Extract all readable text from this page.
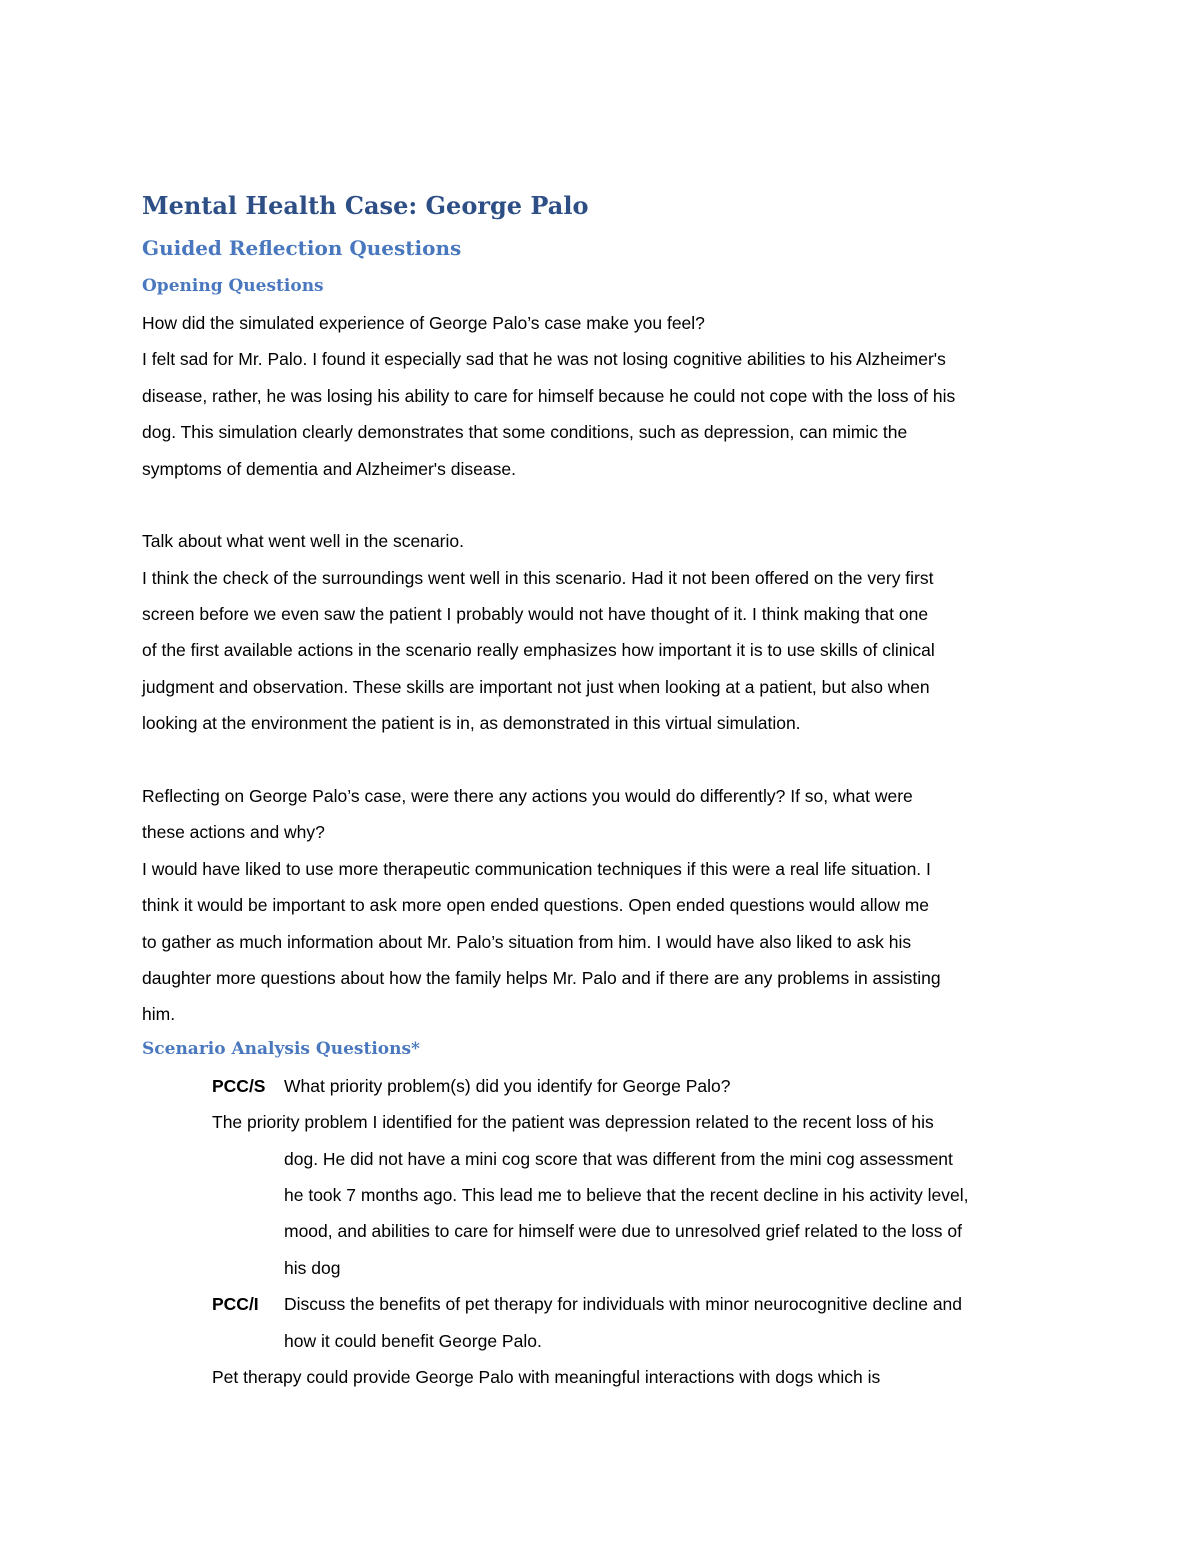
Mental Health Case: George Palo
Guided Reflection Questions
Opening Questions
How did the simulated experience of George Palo’s case make you feel?
I felt sad for Mr. Palo. I found it especially sad that he was not losing cognitive abilities to his Alzheimer's
disease, rather, he was losing his ability to care for himself because he could not cope with the loss of his
dog. This simulation clearly demonstrates that some conditions, such as depression, can mimic the
symptoms of dementia and Alzheimer's disease.
Talk about what went well in the scenario.
I think the check of the surroundings went well in this scenario. Had it not been offered on the very first
screen before we even saw the patient I probably would not have thought of it. I think making that one
of the first available actions in the scenario really emphasizes how important it is to use skills of clinical
judgment and observation. These skills are important not just when looking at a patient, but also when
looking at the environment the patient is in, as demonstrated in this virtual simulation.
Reflecting on George Palo’s case, were there any actions you would do differently? If so, what were
these actions and why?
I would have liked to use more therapeutic communication techniques if this were a real life situation. I
think it would be important to ask more open ended questions. Open ended questions would allow me
to gather as much information about Mr. Palo’s situation from him. I would have also liked to ask his
daughter more questions about how the family helps Mr. Palo and if there are any problems in assisting
him.
Scenario Analysis Questions*
PCC/S What priority problem(s) did you identify for George Palo?
The priority problem I identified for the patient was depression related to the recent loss of his
dog. He did not have a mini cog score that was different from the mini cog assessment
he took 7 months ago. This lead me to believe that the recent decline in his activity level,
mood, and abilities to care for himself were due to unresolved grief related to the loss of
his dog
PCC/I Discuss the benefits of pet therapy for individuals with minor neurocognitive decline and
how it could benefit George Palo.
Pet therapy could provide George Palo with meaningful interactions with dogs which is
